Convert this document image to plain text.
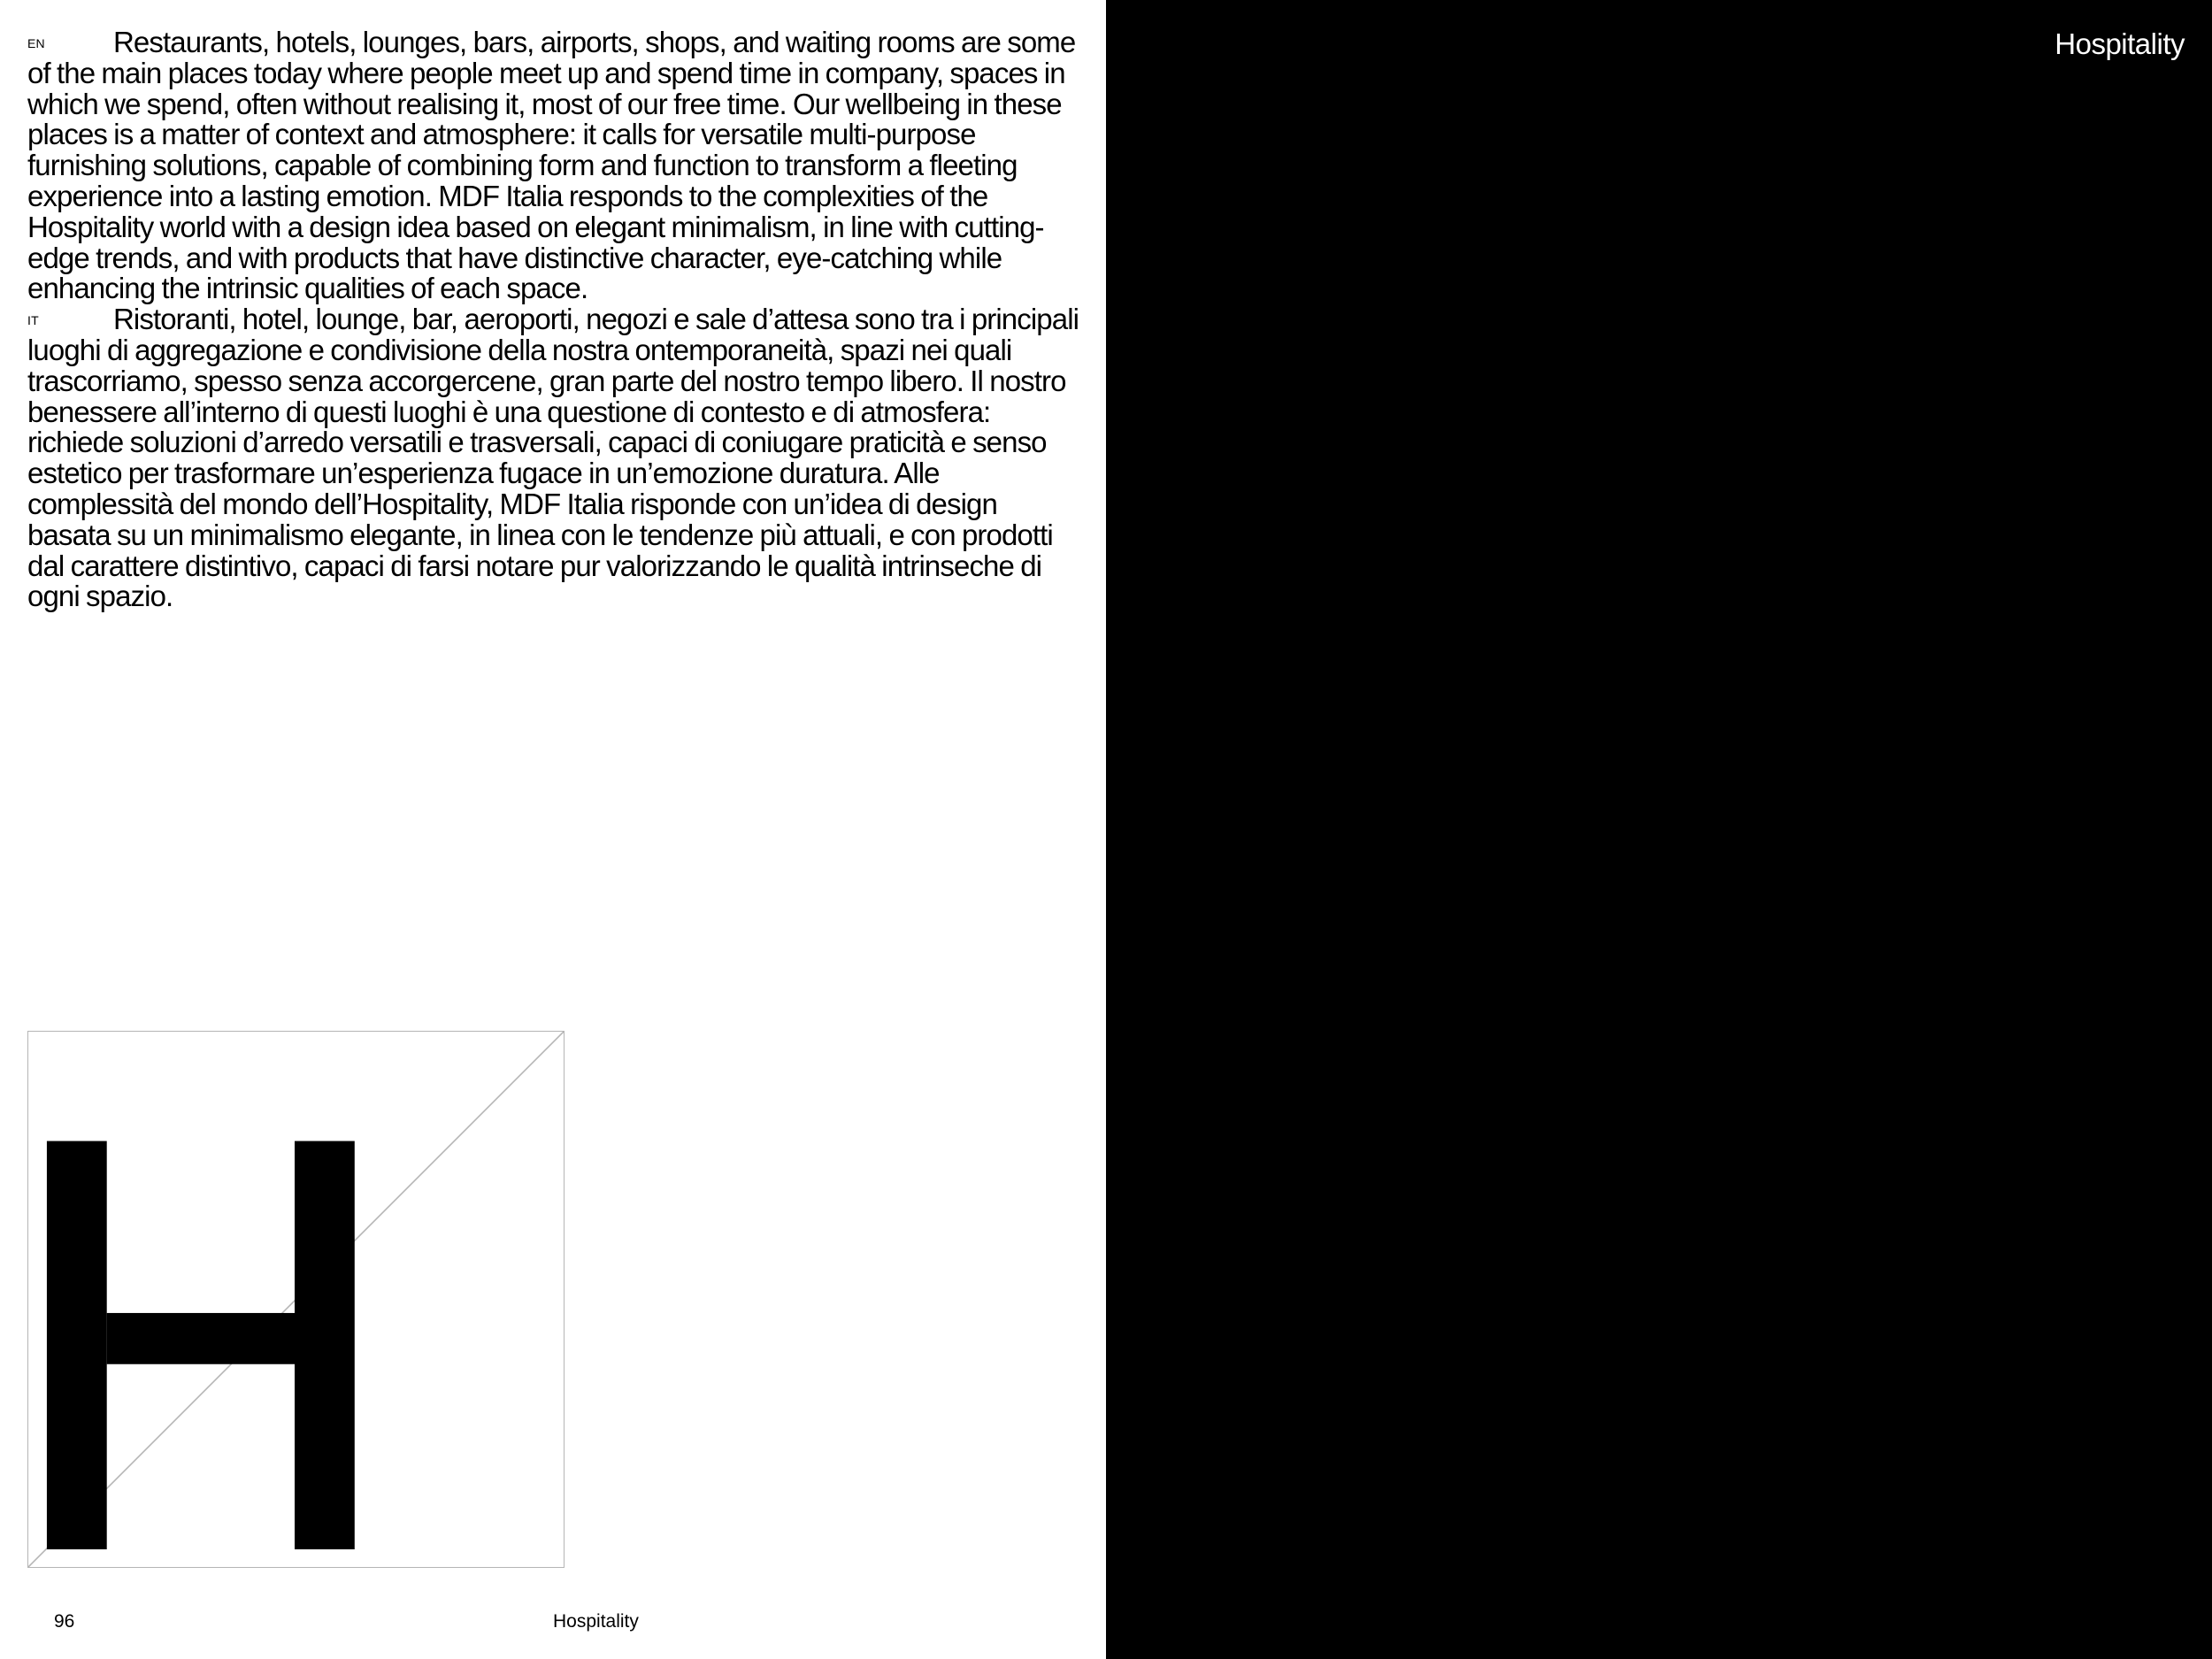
EN Restaurants, hotels, lounges, bars, airports, shops, and waiting rooms are some of the main places today where people meet up and spend time in company, spaces in which we spend, often without realising it, most of our free time. Our wellbeing in these places is a matter of context and atmosphere: it calls for versatile multi-purpose furnishing solutions, capable of combining form and function to transform a fleeting experience into a lasting emotion. MDF Italia responds to the complexities of the Hospitality world with a design idea based on elegant minimalism, in line with cutting-edge trends, and with products that have distinctive character, eye-catching while enhancing the intrinsic qualities of each space.

IT	Ristoranti, hotel, lounge, bar, aeroporti, negozi e sale d’attesa sono tra i principali luoghi di aggregazione e condivisione della nostra ontemporaneità, spazi nei quali trascorriamo, spesso senza accorgercene, gran parte del nostro tempo libero. Il nostro benessere all’interno di questi luoghi è una questione di contesto e di atmosfera: richiede soluzioni d’arredo versatili e trasversali, capaci di coniugare praticità e senso estetico per trasformare un’esperienza fugace in un’emozione duratura. Alle complessità del mondo dell’Hospitality, MDF Italia risponde con un’idea di design basata su un minimalismo elegante, in linea con le tendenze più attuali, e con prodotti dal carattere distintivo, capaci di farsi notare pur valorizzando le qualità intrinseche di ogni spazio.

96	Hospitality
Hospitality
